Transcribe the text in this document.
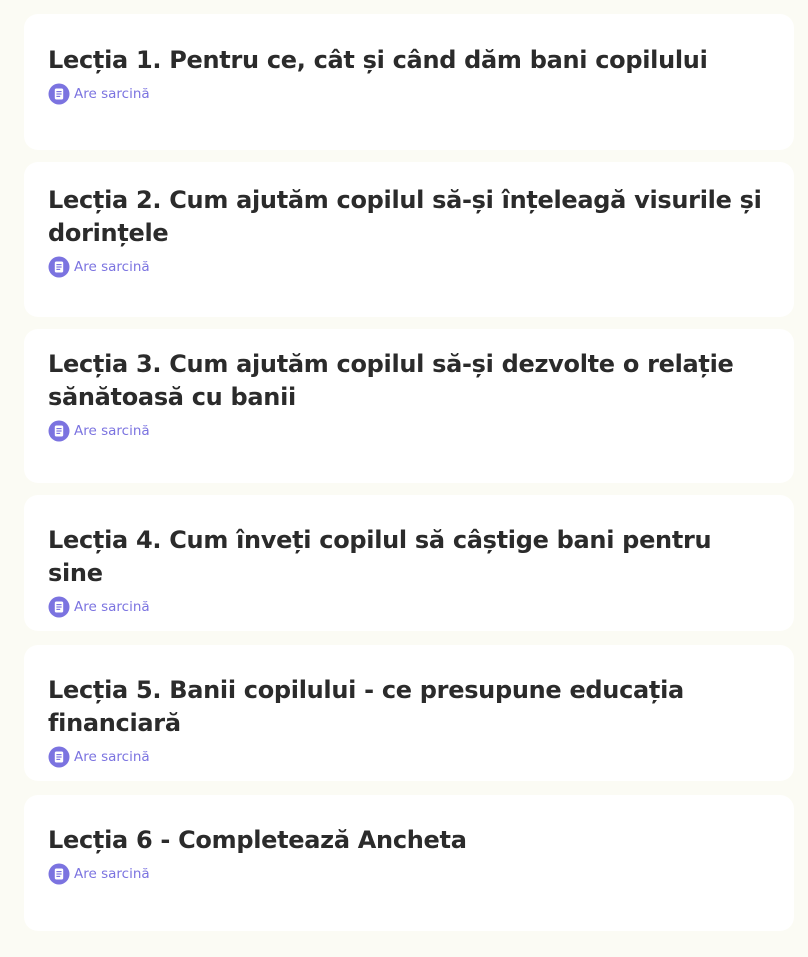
Lecția 1. Pentru ce, cât și când dăm bani copilului
Are sarcină
Lecția 2. Cum ajutăm copilul să-și înțeleagă visurile și dorințele
Are sarcină
Lecția 3. Cum ajutăm copilul să-și dezvolte o relație sănătoasă cu banii
Are sarcină
Lecția 4. Cum înveți copilul să câștige bani pentru sine
Are sarcină
Lecția 5. Banii copilului - ce presupune educația financiară
Are sarcină
Lecția 6 - Completează Ancheta
Are sarcină
